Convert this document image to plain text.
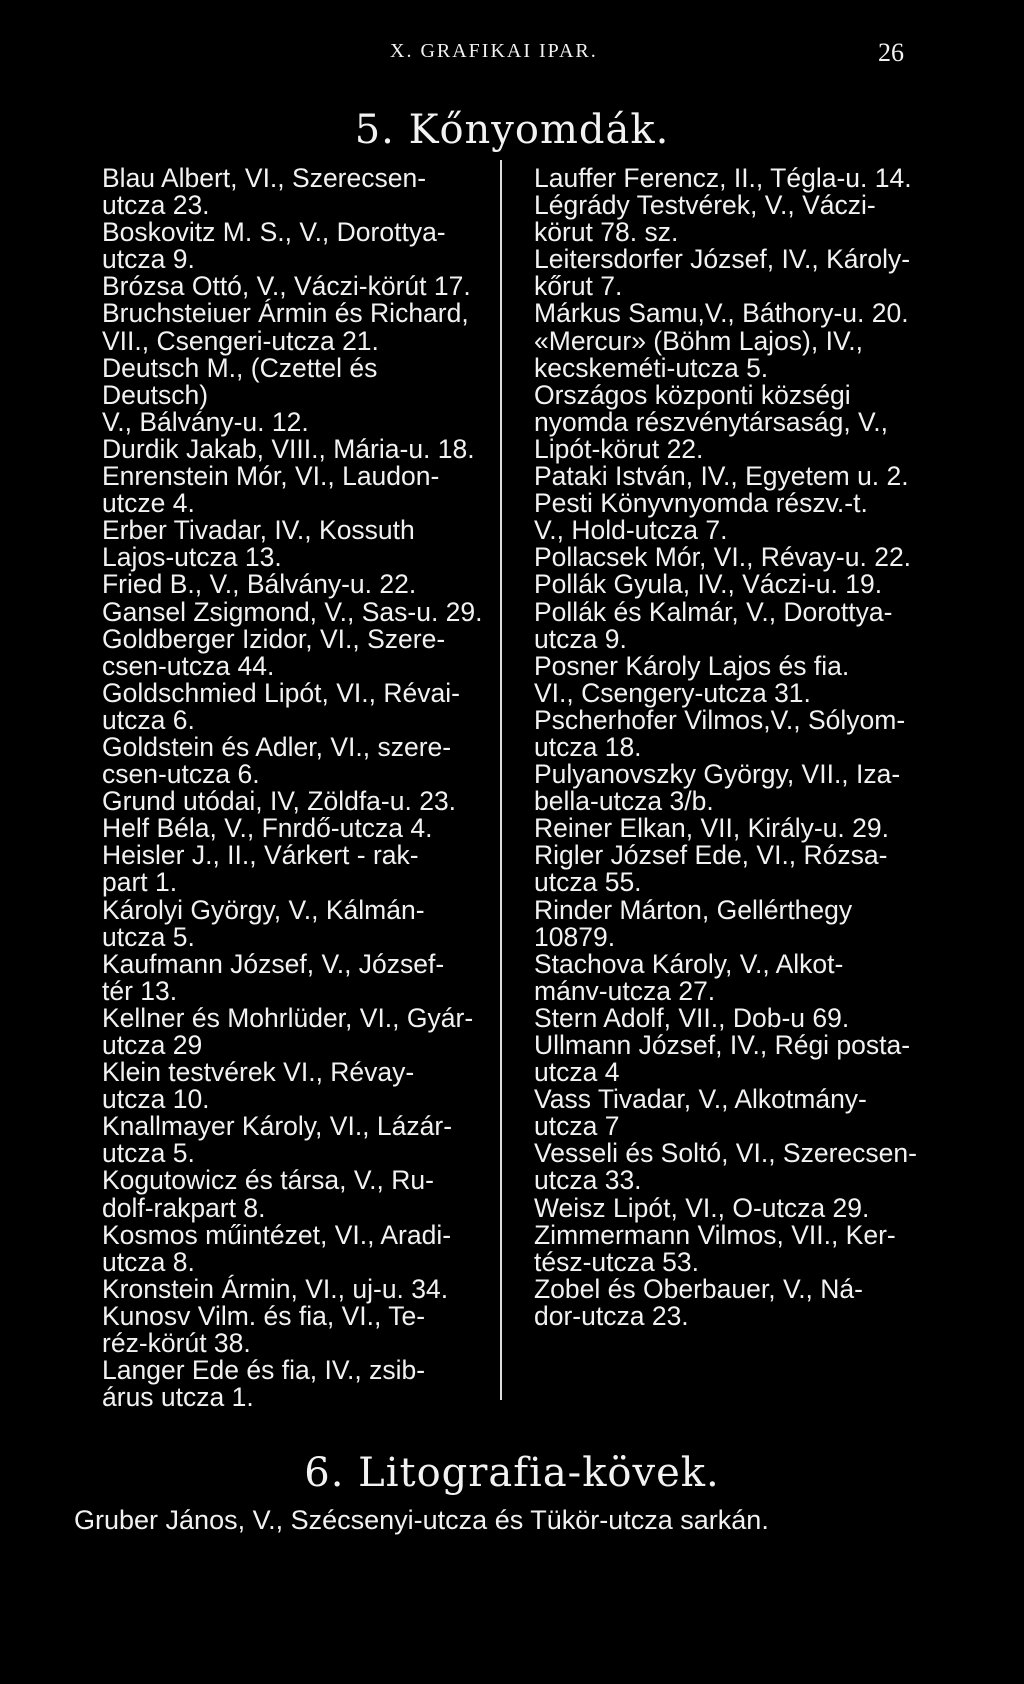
X. GRAFIKAI IPAR.	26
5. Kőnyomdák.
Blau Albert, VI., Szerecsen-
utcza 23.
Boskovitz M. S., V., Dorottya-
utcza 9.
Brózsa Ottó, V., Váczi-körút 17.
Bruchsteiuer Ármin és Richard,
VII., Csengeri-utcza 21.
Deutsch M., (Czettel és Deutsch)
V., Bálvány-u. 12.
Durdik Jakab, VIII., Mária-u. 18.
Enrenstein Mór, VI., Laudon-
utcze 4.
Erber Tivadar, IV., Kossuth
Lajos-utcza 13.
Fried B., V., Bálvány-u. 22.
Gansel Zsigmond, V., Sas-u. 29.
Goldberger Izidor, VI., Szere-
csen-utcza 44.
Goldschmied Lipót, VI., Révai-
utcza 6.
Goldstein és Adler, VI., szere-
csen-utcza 6.
Grund utódai, IV, Zöldfa-u. 23.
Helf Béla, V., Fnrdő-utcza 4.
Heisler J., II., Várkert - rak-
part 1.
Károlyi György, V., Kálmán-
utcza 5.
Kaufmann József, V., József-
tér 13.
Kellner és Mohrlüder, VI., Gyár-
utcza 29
Klein testvérek VI., Révay-
utcza 10.
Knallmayer Károly, VI., Lázár-
utcza 5.
Kogutowicz és társa, V., Ru-
dolf-rakpart 8.
Kosmos műintézet, VI., Aradi-
utcza 8.
Kronstein Ármin, VI., uj-u. 34.
Kunosv Vilm. és fia, VI., Te-
réz-körút 38.
Langer Ede és fia, IV., zsib-
árus utcza 1.
Lauffer Ferencz, II., Tégla-u. 14.
Légrády Testvérek, V., Váczi-
körut 78. sz.
Leitersdorfer József, IV., Károly-
kőrut 7.
Márkus Samu,V., Báthory-u. 20.
«Mercur» (Böhm Lajos), IV.,
kecskeméti-utcza 5.
Országos központi községi
nyomda részvénytársaság, V.,
Lipót-körut 22.
Pataki István, IV., Egyetem u. 2.
Pesti Könyvnyomda részv.-t.
V., Hold-utcza 7.
Pollacsek Mór, VI., Révay-u. 22.
Pollák Gyula, IV., Váczi-u. 19.
Pollák és Kalmár, V., Dorottya-
utcza 9.
Posner Károly Lajos és fia.
VI., Csengery-utcza 31.
Pscherhofer Vilmos,V., Sólyom-
utcza 18.
Pulyanovszky György, VII., Iza-
bella-utcza 3/b.
Reiner Elkan, VII, Király-u. 29.
Rigler József Ede, VI., Rózsa-
utcza 55.
Rinder Márton, Gellérthegy
10879.
Stachova Károly, V., Alkot-
mánv-utcza 27.
Stern Adolf, VII., Dob-u 69.
Ullmann József, IV., Régi posta-
utcza 4
Vass Tivadar, V., Alkotmány-
utcza 7
Vesseli és Soltó, VI., Szerecsen-
utcza 33.
Weisz Lipót, VI., O-utcza 29.
Zimmermann Vilmos, VII., Ker-
tész-utcza 53.
Zobel és Oberbauer, V., Ná-
dor-utcza 23.
6. Litografia-kövek.
Gruber János, V., Szécsenyi-utcza és Tükör-utcza sarkán.
